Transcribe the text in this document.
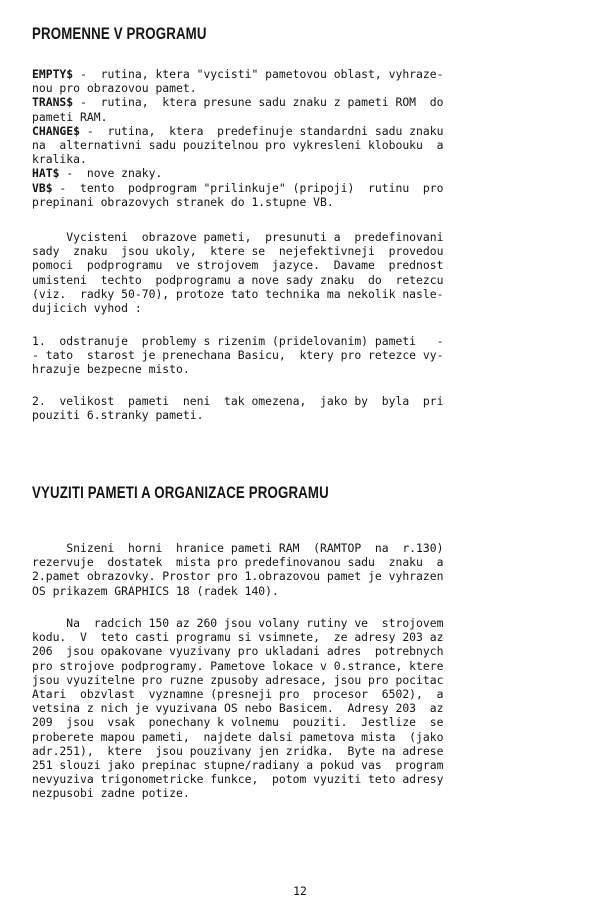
PROMENNE V PROGRAMU
EMPTY$ -  rutina, ktera "vycisti" pametovou oblast, vyhraze-
nou pro obrazovou pamet.
TRANS$ -  rutina,  ktera presune sadu znaku z pameti ROM  do
pameti RAM.
CHANGE$ -  rutina,  ktera  predefinuje standardni sadu znaku
na  alternativni sadu pouzitelnou pro vykresleni klobouku  a
kralika.
HAT$ -  nove znaky.
VB$ -  tento  podprogram "prilinkuje" (pripoji)  rutinu  pro
prepinani obrazovych stranek do 1.stupne VB.
Vycisteni  obrazove pameti,  presunuti a  predefinovani
sady  znaku  jsou ukoly,  ktere se  nejefektivneji  provedou
pomoci  podprogramu  ve strojovem  jazyce.  Davame  prednost
umisteni  techto  podprogramu a nove sady znaku  do  retezcu
(viz.  radky 50-70), protoze tato technika ma nekolik nasle-
dujicich vyhod :
1.  odstranuje  problemy s rizenim (pridelovanim) pameti   -
- tato  starost je prenechana Basicu,  ktery pro retezce vy-
hrazuje bezpecne misto.
2.  velikost  pameti  neni  tak omezena,  jako by  byla  pri
pouziti 6.stranky pameti.
VYUZITI PAMETI A ORGANIZACE PROGRAMU
Snizeni  horni  hranice pameti RAM  (RAMTOP  na  r.130)
rezervuje  dostatek  mista pro predefinovanou sadu  znaku  a
2.pamet obrazovky. Prostor pro 1.obrazovou pamet je vyhrazen
OS prikazem GRAPHICS 18 (radek 140).
Na  radcich 150 az 260 jsou volany rutiny ve  strojovem
kodu.  V  teto casti programu si vsimnete,  ze adresy 203 az
206  jsou opakovane vyuzivany pro ukladani adres  potrebnych
pro strojove podprogramy. Pametove lokace v 0.strance, ktere
jsou vyuzitelne pro ruzne zpusoby adresace, jsou pro pocitac
Atari  obzvlast  vyznamne (presneji pro  procesor  6502),  a
vetsina z nich je vyuzivana OS nebo Basicem.  Adresy 203  az
209  jsou  vsak  ponechany k volnemu  pouziti.  Jestlize  se
proberete mapou pameti,  najdete dalsi pametova mista  (jako
adr.251),  ktere  jsou pouzivany jen zridka.  Byte na adrese
251 slouzi jako prepinac stupne/radiany a pokud vas  program
nevyuziva trigonometricke funkce,  potom vyuziti teto adresy
nezpusobi zadne potize.
12
